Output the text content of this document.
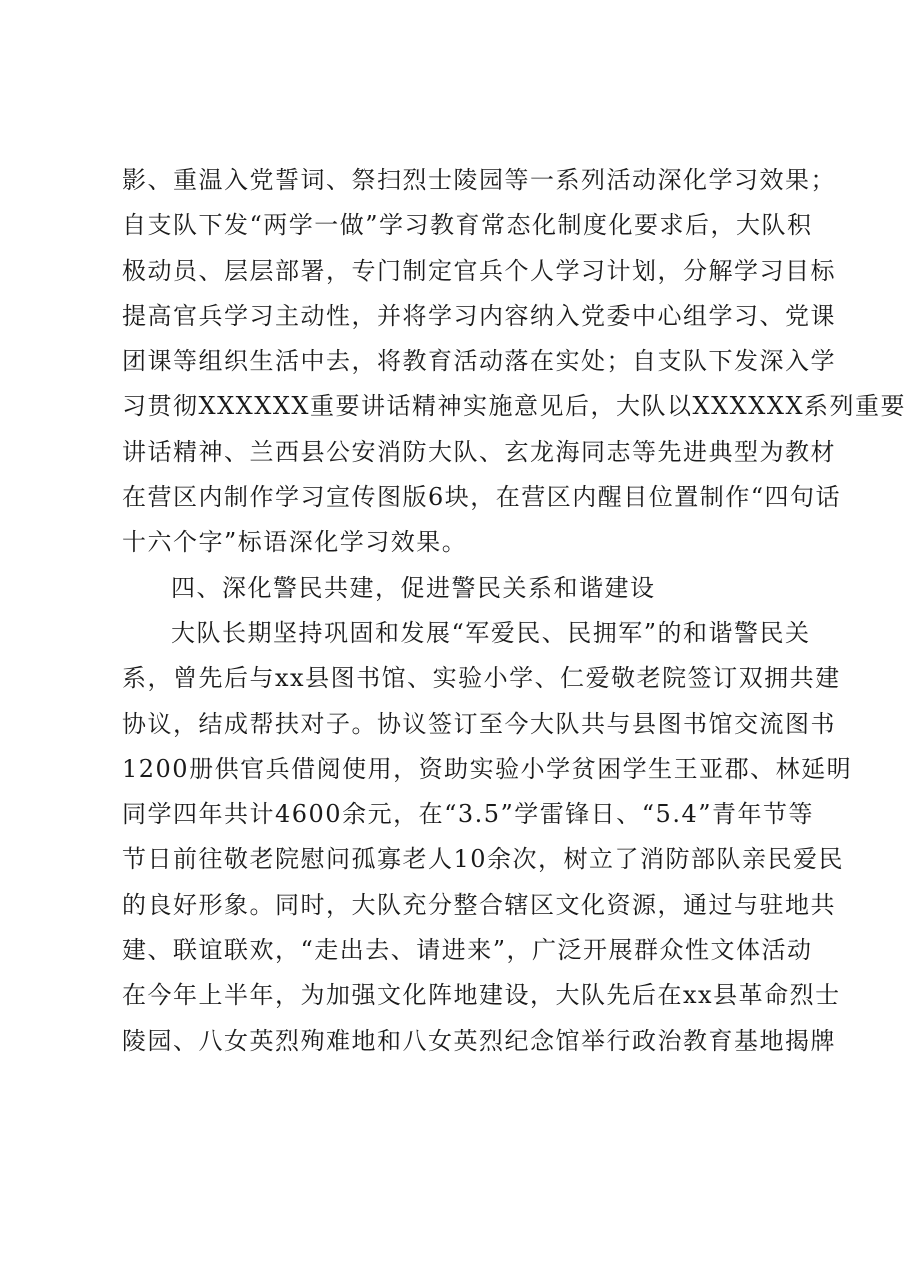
影、重温入党誓词、祭扫烈士陵园等一系列活动深化学习效果；
自支队下发“两学一做”学习教育常态化制度化要求后，大队积
极动员、层层部署，专门制定官兵个人学习计划，分解学习目标
提高官兵学习主动性，并将学习内容纳入党委中心组学习、党课
团课等组织生活中去，将教育活动落在实处；自支队下发深入学
习贯彻XXXXXX重要讲话精神实施意见后，大队以XXXXXX系列重要
讲话精神、兰西县公安消防大队、玄龙海同志等先进典型为教材
在营区内制作学习宣传图版6块，在营区内醒目位置制作“四句话
十六个字”标语深化学习效果。
四、深化警民共建，促进警民关系和谐建设
大队长期坚持巩固和发展“军爱民、民拥军”的和谐警民关
系，曾先后与xx县图书馆、实验小学、仁爱敬老院签订双拥共建
协议，结成帮扶对子。协议签订至今大队共与县图书馆交流图书
1200册供官兵借阅使用，资助实验小学贫困学生王亚郡、林延明
同学四年共计4600余元，在“3.5”学雷锋日、“5.4”青年节等
节日前往敬老院慰问孤寡老人10余次，树立了消防部队亲民爱民
的良好形象。同时，大队充分整合辖区文化资源，通过与驻地共
建、联谊联欢，“走出去、请进来”，广泛开展群众性文体活动
在今年上半年，为加强文化阵地建设，大队先后在xx县革命烈士
陵园、八女英烈殉难地和八女英烈纪念馆举行政治教育基地揭牌
